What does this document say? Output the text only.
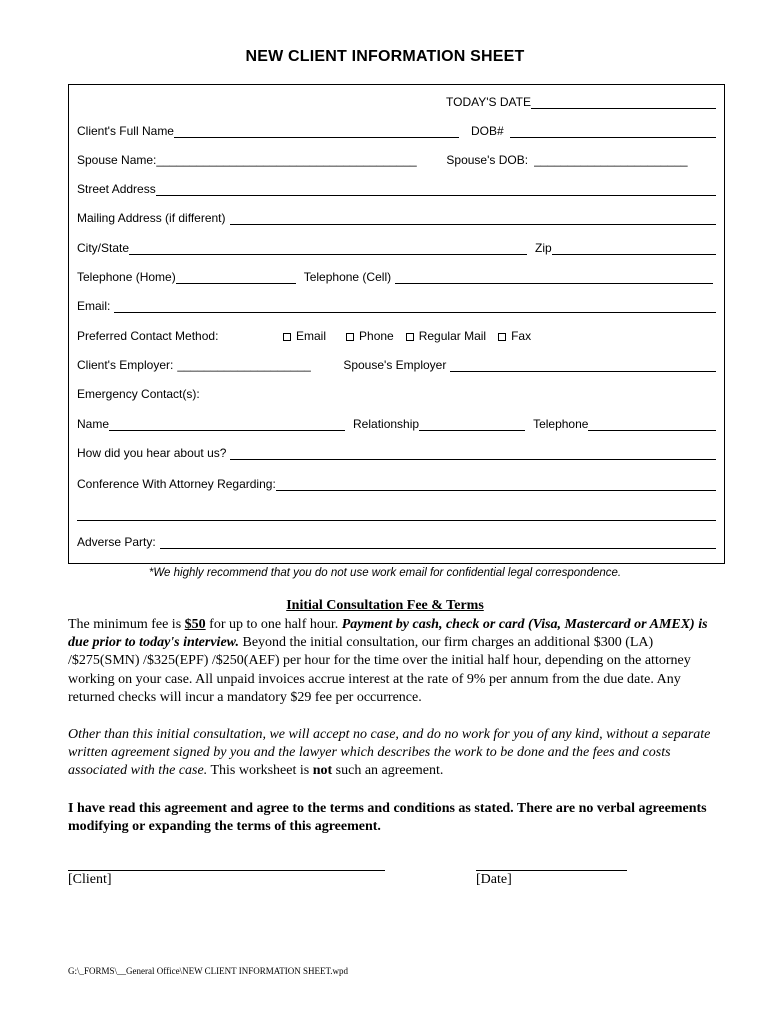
NEW CLIENT INFORMATION SHEET
TODAY'S DATE
Client's Full Name	DOB#
Spouse Name: _______________________________________	Spouse's DOB: _______________________
Street Address
Mailing Address (if different)
City/State	Zip
Telephone (Home)	Telephone (Cell)
Email:
Preferred Contact Method:	Email	Phone Regular Mail Fax
Client's Employer: ____________________	Spouse's Employer
Emergency Contact(s):
Name	Relationship	Telephone
How did you hear about us?
Conference With Attorney Regarding:
Adverse Party:
*We highly recommend that you do not use work email for confidential legal correspondence.
Initial Consultation Fee & Terms
The minimum fee is $50 for up to one half hour. Payment by cash, check or card (Visa, Mastercard or AMEX) is due prior to today's interview. Beyond the initial consultation, our firm charges an additional $300 (LA) /$275(SMN) /$325(EPF) /$250(AEF) per hour for the time over the initial half hour, depending on the attorney working on your case. All unpaid invoices accrue interest at the rate of 9% per annum from the due date. Any returned checks will incur a mandatory $29 fee per occurrence.
Other than this initial consultation, we will accept no case, and do no work for you of any kind, without a separate written agreement signed by you and the lawyer which describes the work to be done and the fees and costs associated with the case. This worksheet is not such an agreement.
I have read this agreement and agree to the terms and conditions as stated. There are no verbal agreements modifying or expanding the terms of this agreement.
[Client]	[Date]
G:\_FORMS\__General Office\NEW CLIENT INFORMATION SHEET.wpd
